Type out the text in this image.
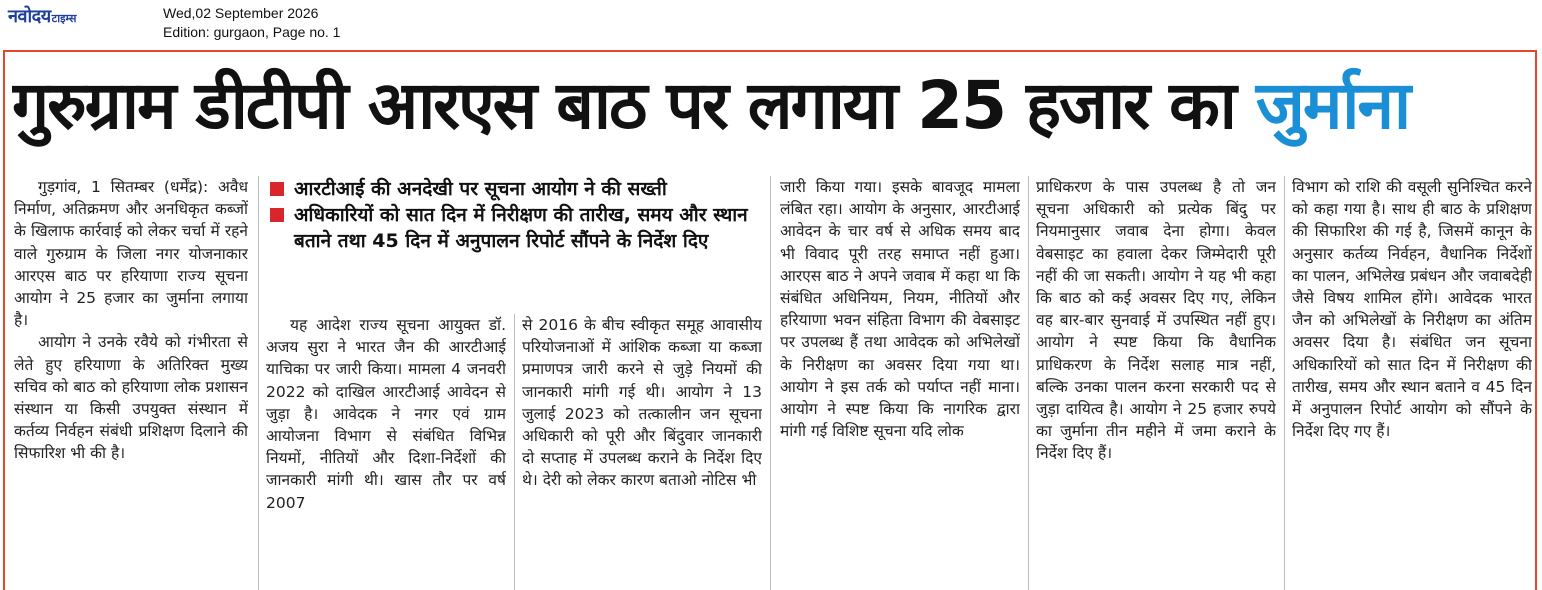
नवोदय टाइम्स	Wed,02 September 2026
Edition: gurgaon, Page no. 1
गुरुग्राम डीटीपी आरएस बाठ पर लगाया 25 हजार का जुर्माना

गुड़गांव, 1 सितम्बर (धर्मेंद्र): अवैध निर्माण, अतिक्रमण और अनधिकृत कब्जों के खिलाफ कार्रवाई को लेकर चर्चा में रहने वाले गुरुग्राम के जिला नगर योजनाकार आरएस बाठ पर हरियाणा राज्य सूचना आयोग ने 25 हजार का जुर्माना लगाया है।

आयोग ने उनके रवैये को गंभीरता से लेते हुए हरियाणा के अतिरिक्त मुख्य सचिव को बाठ को हरियाणा लोक प्रशासन संस्थान या किसी उपयुक्त संस्थान में कर्तव्य निर्वहन संबंधी प्रशिक्षण दिलाने की सिफारिश भी की है।

आरटीआई की अनदेखी पर सूचना आयोग ने की सख्ती
अधिकारियों को सात दिन में निरीक्षण की तारीख, समय और स्थान बताने तथा 45 दिन में अनुपालन रिपोर्ट सौंपने के निर्देश दिए

यह आदेश राज्य सूचना आयुक्त डॉ. अजय सुरा ने भारत जैन की आरटीआई याचिका पर जारी किया। मामला 4 जनवरी 2022 को दाखिल आरटीआई आवेदन से जुड़ा है। आवेदक ने नगर एवं ग्राम आयोजना विभाग से संबंधित विभिन्न नियमों, नीतियों और दिशा-निर्देशों की जानकारी मांगी थी। खास तौर पर वर्ष 2007

से 2016 के बीच स्वीकृत समूह आवासीय परियोजनाओं में आंशिक कब्जा या कब्जा प्रमाणपत्र जारी करने से जुड़े नियमों की जानकारी मांगी गई थी। आयोग ने 13 जुलाई 2023 को तत्कालीन जन सूचना अधिकारी को पूरी और बिंदुवार जानकारी दो सप्ताह में उपलब्ध कराने के निर्देश दिए थे। देरी को लेकर कारण बताओ नोटिस भी

जारी किया गया। इसके बावजूद मामला लंबित रहा। आयोग के अनुसार, आरटीआई आवेदन के चार वर्ष से अधिक समय बाद भी विवाद पूरी तरह समाप्त नहीं हुआ। आरएस बाठ ने अपने जवाब में कहा था कि संबंधित अधिनियम, नियम, नीतियों और हरियाणा भवन संहिता विभाग की वेबसाइट पर उपलब्ध हैं तथा आवेदक को अभिलेखों के निरीक्षण का अवसर दिया गया था। आयोग ने इस तर्क को पर्याप्त नहीं माना। आयोग ने स्पष्ट किया कि नागरिक द्वारा मांगी गई विशिष्ट सूचना यदि लोक

प्राधिकरण के पास उपलब्ध है तो जन सूचना अधिकारी को प्रत्येक बिंदु पर नियमानुसार जवाब देना होगा। केवल वेबसाइट का हवाला देकर जिम्मेदारी पूरी नहीं की जा सकती। आयोग ने यह भी कहा कि बाठ को कई अवसर दिए गए, लेकिन वह बार-बार सुनवाई में उपस्थित नहीं हुए। आयोग ने स्पष्ट किया कि वैधानिक प्राधिकरण के निर्देश सलाह मात्र नहीं, बल्कि उनका पालन करना सरकारी पद से जुड़ा दायित्व है। आयोग ने 25 हजार रुपये का जुर्माना तीन महीने में जमा कराने के निर्देश दिए हैं।

विभाग को राशि की वसूली सुनिश्चित करने को कहा गया है। साथ ही बाठ के प्रशिक्षण की सिफारिश की गई है, जिसमें कानून के अनुसार कर्तव्य निर्वहन, वैधानिक निर्देशों का पालन, अभिलेख प्रबंधन और जवाबदेही जैसे विषय शामिल होंगे। आवेदक भारत जैन को अभिलेखों के निरीक्षण का अंतिम अवसर दिया है। संबंधित जन सूचना अधिकारियों को सात दिन में निरीक्षण की तारीख, समय और स्थान बताने व 45 दिन में अनुपालन रिपोर्ट आयोग को सौंपने के निर्देश दिए गए हैं।
